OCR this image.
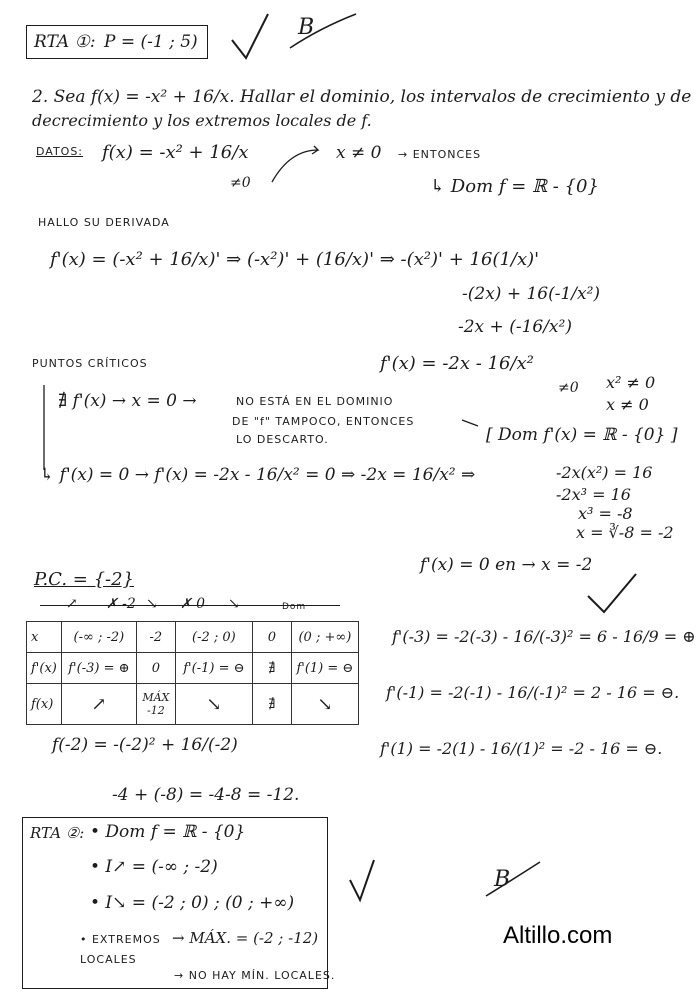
RTA ①: P = (-1 ; 5)
2. Sea f(x) = -x² + 16/x. Hallar el dominio, los intervalos de crecimiento y de
decrecimiento y los extremos locales de f.
DATOS: f(x) = -x² + 16/x
≠0
x ≠ 0 → ENTONCES
↳ Dom f = ℝ - {0}
HALLO SU DERIVADA
f'(x) = (-x² + 16/x)' ⇒ (-x²)' + (16/x)' ⇒ -(x²)' + 16(1/x)'
-(2x) + 16(-1/x²)
-2x + (-16/x²)
f'(x) = -2x - 16/x²
≠0
PUNTOS CRÍTICOS
∄ f'(x) → x = 0 →	NO ESTÁ EN EL DOMINIO
DE "f" TAMPOCO, ENTONCES
LO DESCARTO.
x² ≠ 0
x ≠ 0
[ Dom f'(x) = ℝ - {0} ]
↳ f'(x) = 0 → f'(x) = -2x - 16/x² = 0 ⇒ -2x = 16/x² ⇒	-2x(x²) = 16
-2x³ = 16
x³ = -8
x = ∛-8 = -2
f'(x) = 0 en → x = -2
P.C. = {-2}
↗ ✗ -2 ↘ ✗ 0 ↘	Dom
x	(-∞ ; -2)	-2	(-2 ; 0)	0	(0 ; +∞)
f'(x)	f'(-3) = ⊕	0	f'(-1) = ⊖	∄	f'(1) = ⊖
f(x)	↗	MÁX -12	↘	∄	↘
f'(-3) = -2(-3) - 16/(-3)² = 6 - 16/9 = ⊕
f'(-1) = -2(-1) - 16/(-1)² = 2 - 16 = ⊖.
f'(1) = -2(1) - 16/(1)² = -2 - 16 = ⊖.
f(-2) = -(-2)² + 16/(-2)
-4 + (-8) = -4-8 = -12.
RTA ②: • Dom f = ℝ - {0}
• I↗ = (-∞ ; -2)
• I↘ = (-2 ; 0) ; (0 ; +∞)
• EXTREMOS
LOCALES
→ MÁX. = (-2 ; -12)
→ NO HAY MÍN. LOCALES.
B
B
Altillo.com
